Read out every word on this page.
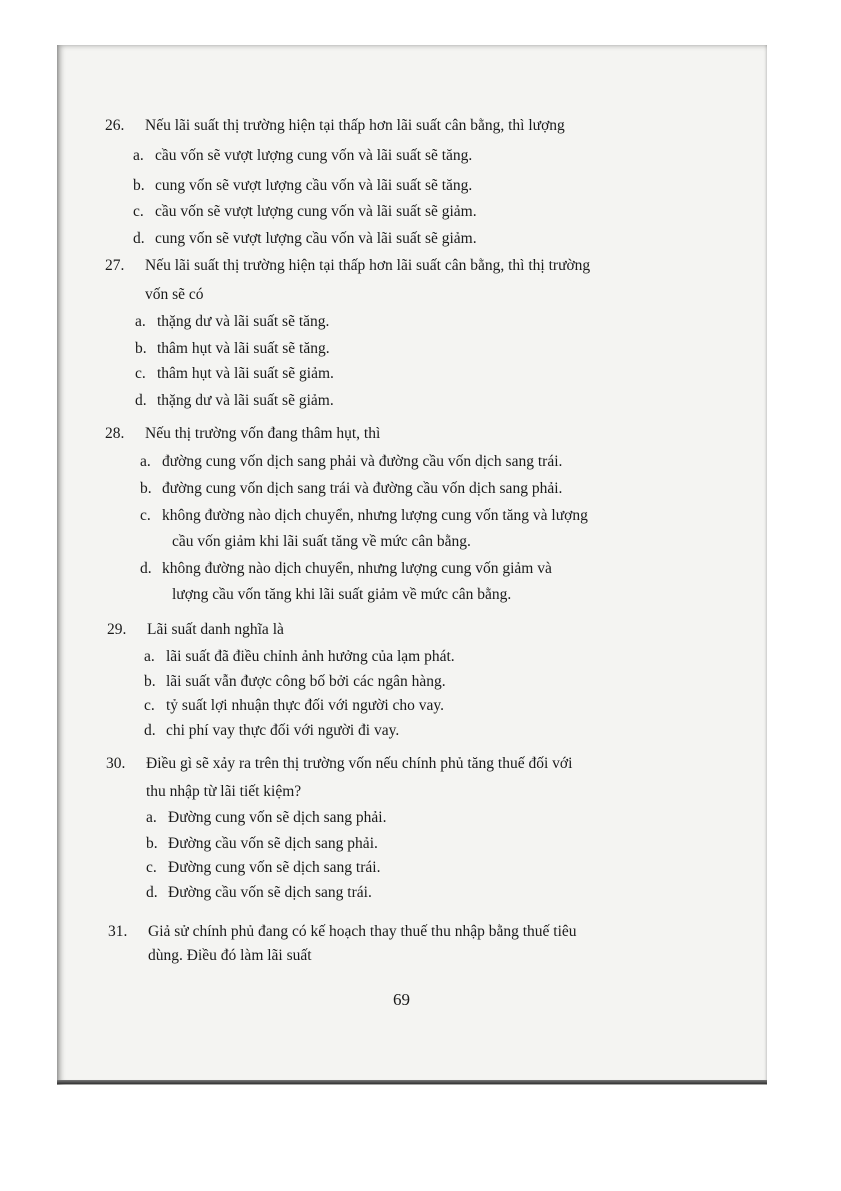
26.	Nếu lãi suất thị trường hiện tại thấp hơn lãi suất cân bằng, thì lượng
a. cầu vốn sẽ vượt lượng cung vốn và lãi suất sẽ tăng.
b. cung vốn sẽ vượt lượng cầu vốn và lãi suất sẽ tăng.
c. cầu vốn sẽ vượt lượng cung vốn và lãi suất sẽ giảm.
d. cung vốn sẽ vượt lượng cầu vốn và lãi suất sẽ giảm.
27.	Nếu lãi suất thị trường hiện tại thấp hơn lãi suất cân bằng, thì thị trường
vốn sẽ có
a. thặng dư và lãi suất sẽ tăng.
b. thâm hụt và lãi suất sẽ tăng.
c. thâm hụt và lãi suất sẽ giảm.
d. thặng dư và lãi suất sẽ giảm.
28.	Nếu thị trường vốn đang thâm hụt, thì
a. đường cung vốn dịch sang phải và đường cầu vốn dịch sang trái.
b. đường cung vốn dịch sang trái và đường cầu vốn dịch sang phải.
c. không đường nào dịch chuyển, nhưng lượng cung vốn tăng và lượng
cầu vốn giảm khi lãi suất tăng về mức cân bằng.
d. không đường nào dịch chuyển, nhưng lượng cung vốn giảm và
lượng cầu vốn tăng khi lãi suất giảm về mức cân bằng.
29.	Lãi suất danh nghĩa là
a. lãi suất đã điều chỉnh ảnh hưởng của lạm phát.
b. lãi suất vẫn được công bố bởi các ngân hàng.
c. tỷ suất lợi nhuận thực đối với người cho vay.
d. chi phí vay thực đối với người đi vay.
30.	Điều gì sẽ xảy ra trên thị trường vốn nếu chính phủ tăng thuế đối với
thu nhập từ lãi tiết kiệm?
a. Đường cung vốn sẽ dịch sang phải.
b. Đường cầu vốn sẽ dịch sang phải.
c. Đường cung vốn sẽ dịch sang trái.
d. Đường cầu vốn sẽ dịch sang trái.
31.	Giả sử chính phủ đang có kế hoạch thay thuế thu nhập bằng thuế tiêu
dùng. Điều đó làm lãi suất
69
